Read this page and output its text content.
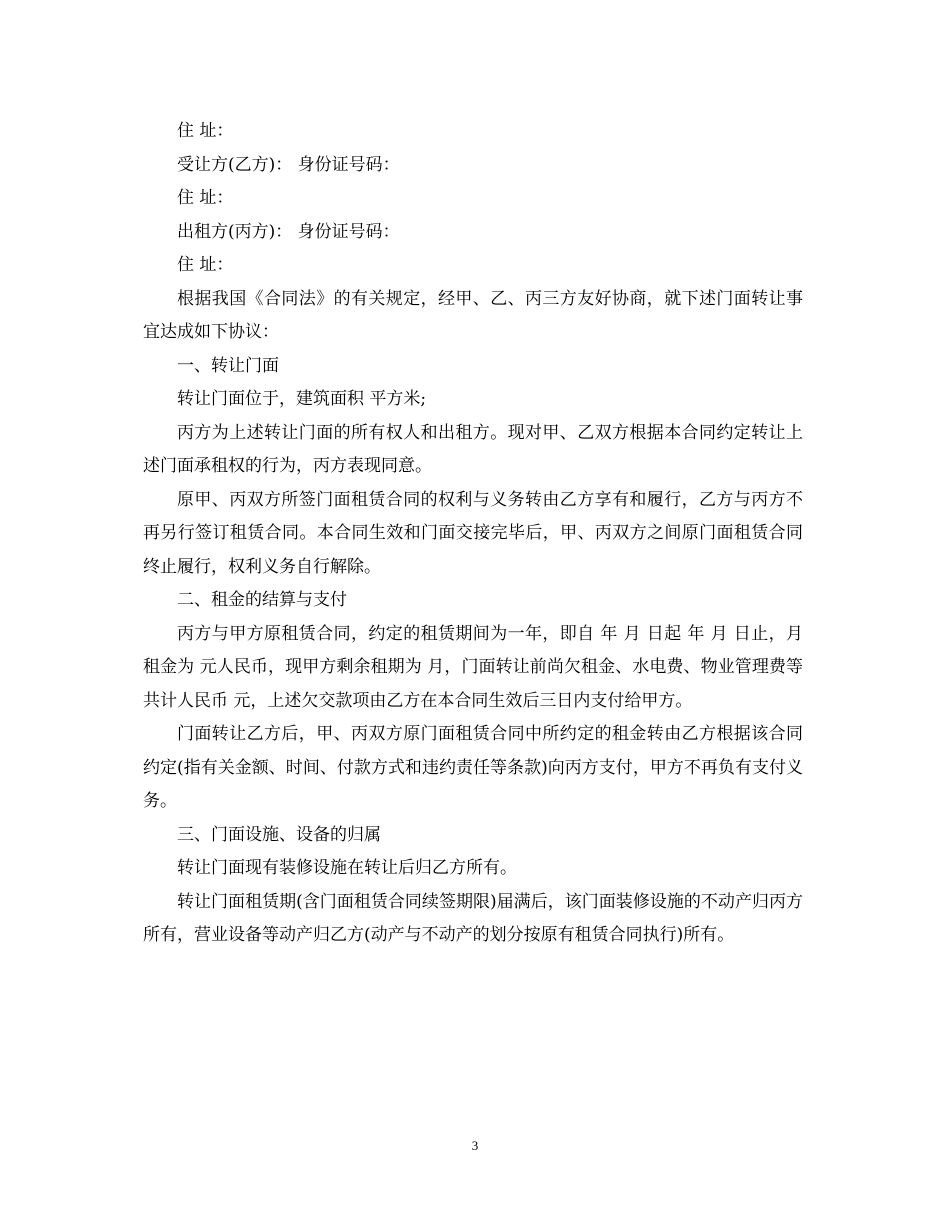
住 址：

受让方(乙方)： 身份证号码：

住 址：

出租方(丙方)： 身份证号码：

住 址：

根据我国《合同法》的有关规定，经甲、乙、丙三方友好协商，就下述门面转让事宜达成如下协议：

一、转让门面

转让门面位于，建筑面积 平方米;

丙方为上述转让门面的所有权人和出租方。现对甲、乙双方根据本合同约定转让上述门面承租权的行为，丙方表现同意。

原甲、丙双方所签门面租赁合同的权利与义务转由乙方享有和履行，乙方与丙方不再另行签订租赁合同。本合同生效和门面交接完毕后，甲、丙双方之间原门面租赁合同终止履行，权利义务自行解除。

二、租金的结算与支付

丙方与甲方原租赁合同，约定的租赁期间为一年，即自 年 月 日起 年 月 日止，月租金为 元人民币，现甲方剩余租期为 月，门面转让前尚欠租金、水电费、物业管理费等共计人民币 元，上述欠交款项由乙方在本合同生效后三日内支付给甲方。

门面转让乙方后，甲、丙双方原门面租赁合同中所约定的租金转由乙方根据该合同约定(指有关金额、时间、付款方式和违约责任等条款)向丙方支付，甲方不再负有支付义务。

三、门面设施、设备的归属

转让门面现有装修设施在转让后归乙方所有。

转让门面租赁期(含门面租赁合同续签期限)届满后，该门面装修设施的不动产归丙方所有，营业设备等动产归乙方(动产与不动产的划分按原有租赁合同执行)所有。

3
